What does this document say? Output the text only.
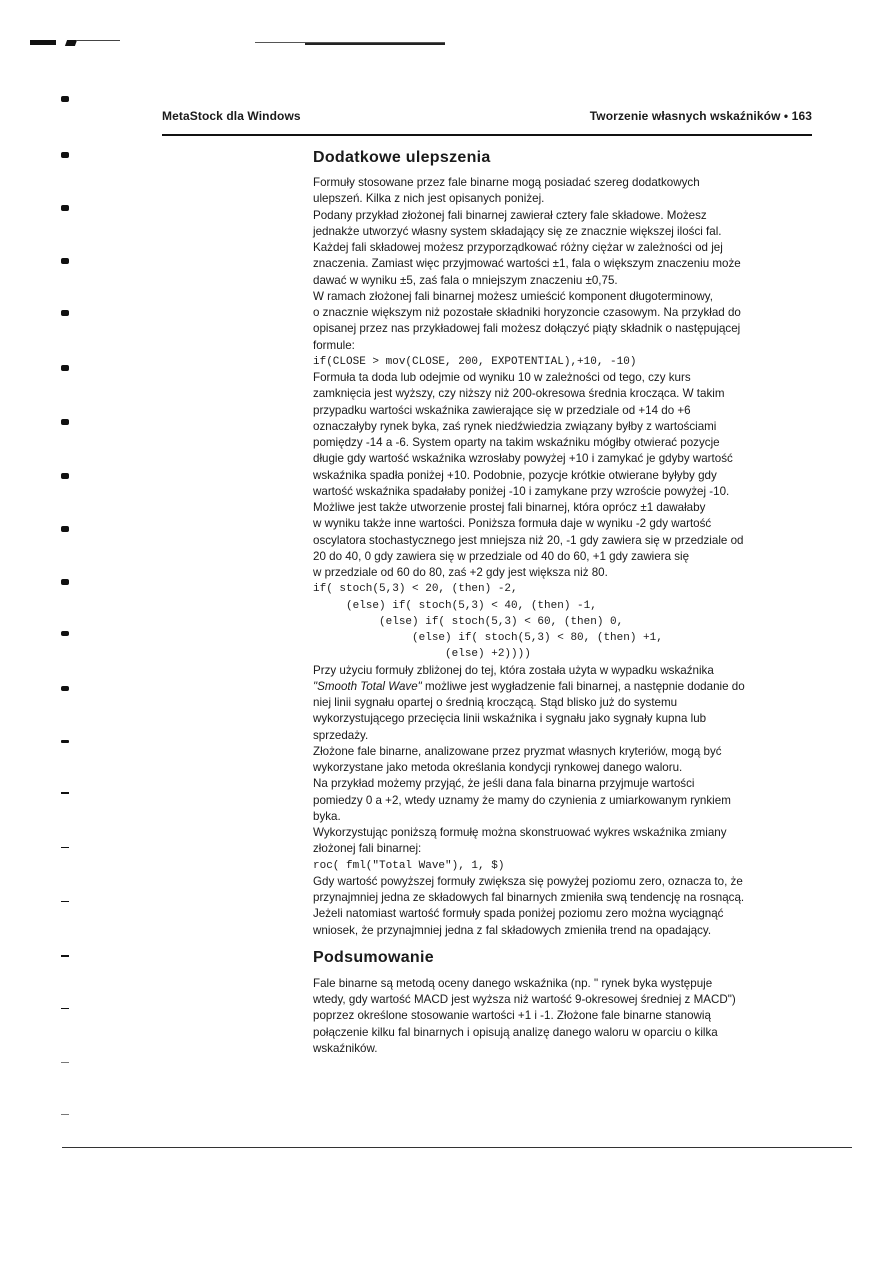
MetaStock dla Windows	Tworzenie własnych wskaźników • 163
Dodatkowe ulepszenia
Formuły stosowane przez fale binarne mogą posiadać szereg dodatkowych
ulepszeń. Kilka z nich jest opisanych poniżej.
Podany przykład złożonej fali binarnej zawierał cztery fale składowe. Możesz
jednakże utworzyć własny system składający się ze znacznie większej ilości fal.
Każdej fali składowej możesz przyporządkować różny ciężar w zależności od jej
znaczenia. Zamiast więc przyjmować wartości ±1, fala o większym znaczeniu może
dawać w wyniku ±5, zaś fala o mniejszym znaczeniu ±0,75.
W ramach złożonej fali binarnej możesz umieścić komponent długoterminowy,
o znacznie większym niż pozostałe składniki horyzoncie czasowym. Na przykład do
opisanej przez nas przykładowej fali możesz dołączyć piąty składnik o następującej
formule:
if(CLOSE > mov(CLOSE, 200, EXPOTENTIAL),+10, -10)
Formuła ta doda lub odejmie od wyniku 10 w zależności od tego, czy kurs
zamknięcia jest wyższy, czy niższy niż 200-okresowa średnia krocząca. W takim
przypadku wartości wskaźnika zawierające się w przedziale od +14 do +6
oznaczałyby rynek byka, zaś rynek niedźwiedzia związany byłby z wartościami
pomiędzy -14 a -6. System oparty na takim wskaźniku mógłby otwierać pozycje
długie gdy wartość wskaźnika wzrosłaby powyżej +10 i zamykać je gdyby wartość
wskaźnika spadła poniżej +10. Podobnie, pozycje krótkie otwierane byłyby gdy
wartość wskaźnika spadałaby poniżej -10 i zamykane przy wzroście powyżej -10.
Możliwe jest także utworzenie prostej fali binarnej, która oprócz ±1 dawałaby
w wyniku także inne wartości. Poniższa formuła daje w wyniku -2 gdy wartość
oscylatora stochastycznego jest mniejsza niż 20, -1 gdy zawiera się w przedziale od
20 do 40, 0 gdy zawiera się w przedziale od 40 do 60, +1 gdy zawiera się
w przedziale od 60 do 80, zaś +2 gdy jest większa niż 80.
if( stoch(5,3) < 20, (then) -2,
(else) if( stoch(5,3) < 40, (then) -1,
(else) if( stoch(5,3) < 60, (then) 0,
(else) if( stoch(5,3) < 80, (then) +1,
(else) +2))))
Przy użyciu formuły zbliżonej do tej, która została użyta w wypadku wskaźnika
"Smooth Total Wave" możliwe jest wygładzenie fali binarnej, a następnie dodanie do
niej linii sygnału opartej o średnią kroczącą. Stąd blisko już do systemu
wykorzystującego przecięcia linii wskaźnika i sygnału jako sygnały kupna lub
sprzedaży.
Złożone fale binarne, analizowane przez pryzmat własnych kryteriów, mogą być
wykorzystane jako metoda określania kondycji rynkowej danego waloru.
Na przykład możemy przyjąć, że jeśli dana fala binarna przyjmuje wartości
pomiedzy 0 a +2, wtedy uznamy że mamy do czynienia z umiarkowanym rynkiem
byka.
Wykorzystując poniższą formułę można skonstruować wykres wskaźnika zmiany
złożonej fali binarnej:
roc( fml("Total Wave"), 1, $)
Gdy wartość powyższej formuły zwiększa się powyżej poziomu zero, oznacza to, że
przynajmniej jedna ze składowych fal binarnych zmieniła swą tendencję na rosnącą.
Jeżeli natomiast wartość formuły spada poniżej poziomu zero można wyciągnąć
wniosek, że przynajmniej jedna z fal składowych zmieniła trend na opadający.
Podsumowanie
Fale binarne są metodą oceny danego wskaźnika (np. " rynek byka występuje
wtedy, gdy wartość MACD jest wyższa niż wartość 9-okresowej średniej z MACD")
poprzez określone stosowanie wartości +1 i -1. Złożone fale binarne stanowią
połączenie kilku fal binarnych i opisują analizę danego waloru w oparciu o kilka
wskaźników.
